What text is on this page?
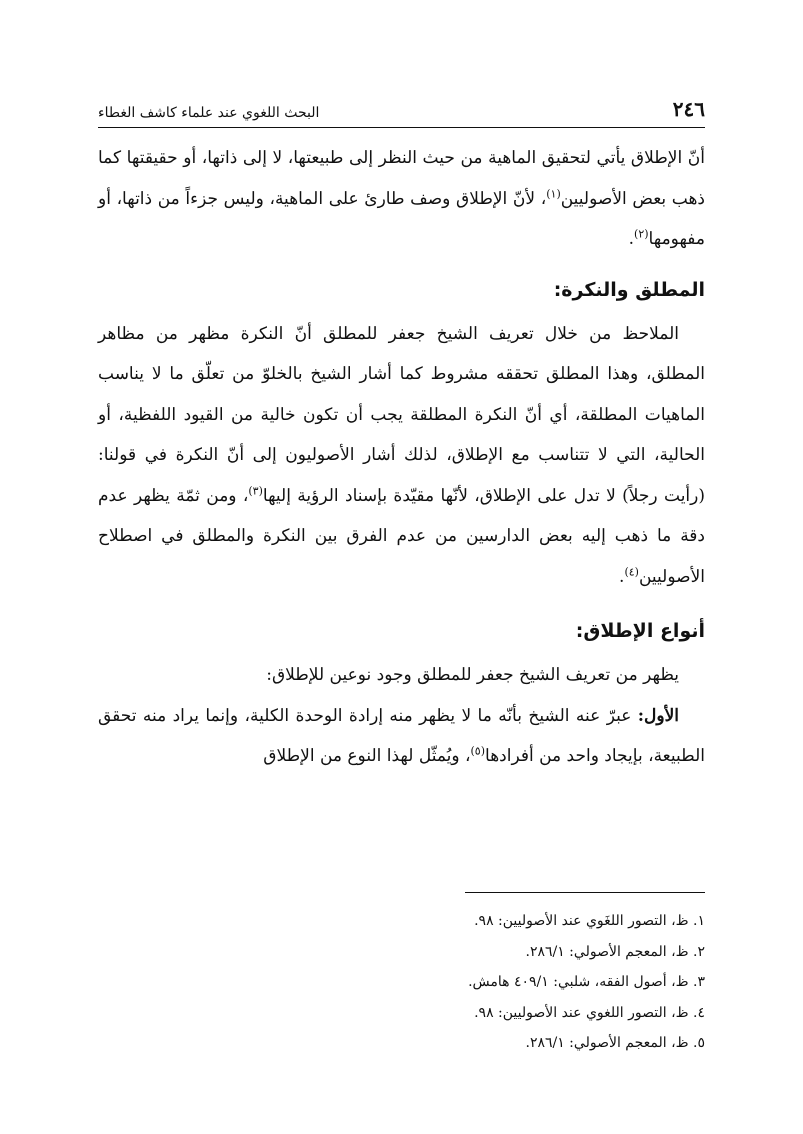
٢٤٦
البحث اللغوي عند علماء كاشف الغطاء

أنّ الإطلاق يأتي لتحقيق الماهية من حيث النظر إلى طبيعتها، لا إلى ذاتها، أو حقيقتها كما ذهب بعض الأصوليين$^{(١)}$، لأنّ الإطلاق وصف طارئ على الماهية، وليس جزءاً من ذاتها، أو مفهومها$^{(٢)}$.

المطلق والنكرة:

الملاحظ من خلال تعريف الشيخ جعفر للمطلق أنّ النكرة مظهر من مظاهر المطلق، وهذا المطلق تحققه مشروط كما أشار الشيخ بالخلوّ من تعلّق ما لا يناسب الماهيات المطلقة، أي أنّ النكرة المطلقة يجب أن تكون خالية من القيود اللفظية، أو الحالية، التي لا تتناسب مع الإطلاق، لذلك أشار الأصوليون إلى أنّ النكرة في قولنا: (رأيت رجلاً) لا تدل على الإطلاق، لأنّها مقيّدة بإسناد الرؤية إليها$^{(٣)}$، ومن ثمّة يظهر عدم دقة ما ذهب إليه بعض الدارسين من عدم الفرق بين النكرة والمطلق في اصطلاح الأصوليين$^{(٤)}$.

أنواع الإطلاق:

يظهر من تعريف الشيخ جعفر للمطلق وجود نوعين للإطلاق:

الأول: عبرّ عنه الشيخ بأنّه ما لا يظهر منه إرادة الوحدة الكلية، وإنما يراد منه تحقق الطبيعة، بإيجاد واحد من أفرادها$^{(٥)}$، ويُمثّل لهذا النوع من الإطلاق

١. ظ، التصور اللغَوي عند الأصوليين: ٩٨.
٢. ظ، المعجم الأصولي: ٢٨٦/١.
٣. ظ، أصول الفقه، شلبي: ٤٠٩/١ هامش.
٤. ظ، التصور اللغوي عند الأصوليين: ٩٨.
٥. ظ، المعجم الأصولي: ٢٨٦/١.
